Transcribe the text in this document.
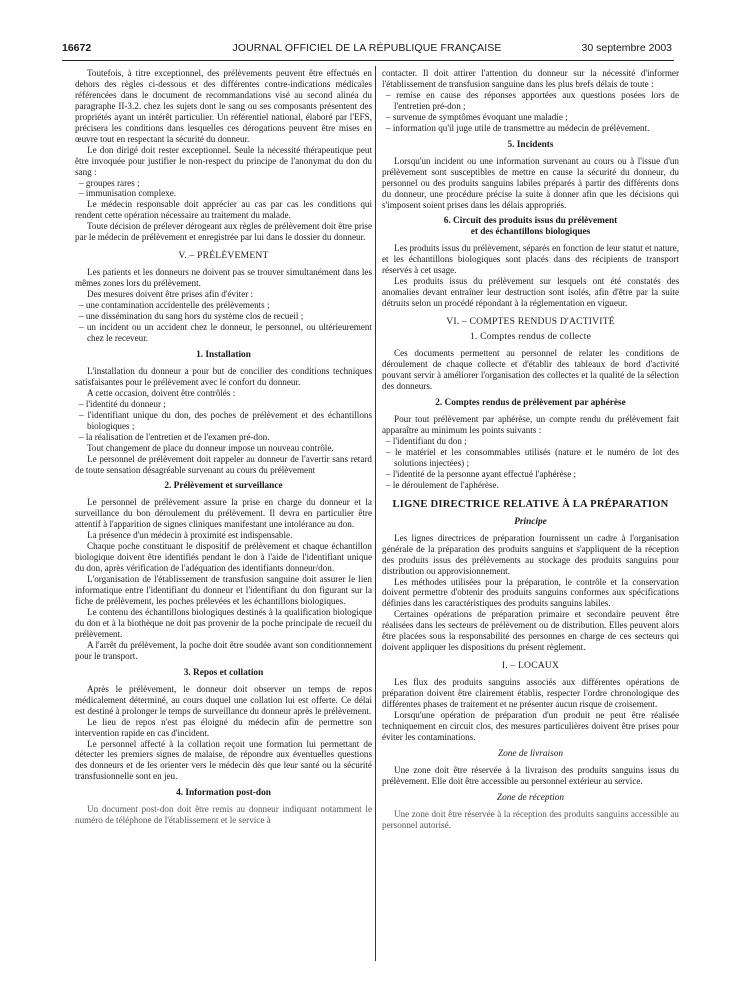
16672	JOURNAL OFFICIEL DE LA RÉPUBLIQUE FRANÇAISE	30 septembre 2003

Toutefois, à titre exceptionnel, des prélèvements peuvent être effectués en dehors des règles ci-dessous et des différentes contre-indications médicales référencées dans le document de recommandations visé au second alinéa du paragraphe II-3.2. chez les sujets dont le sang ou ses composants présentent des propriétés ayant un intérêt particulier. Un référentiel national, élaboré par l'EFS, précisera les conditions dans lesquelles ces dérogations peuvent être mises en œuvre tout en respectant la sécurité du donneur.

Le don dirigé doit rester exceptionnel. Seule la nécessité thérapeutique peut être invoquée pour justifier le non-respect du principe de l'anonymat du don du sang :

– groupes rares ;

– immunisation complexe.

Le médecin responsable doit apprécier au cas par cas les conditions qui rendent cette opération nécessaire au traitement du malade.

Toute décision de prélever dérogeant aux règles de prélèvement doit être prise par le médecin de prélèvement et enregistrée par lui dans le dossier du donneur.

V. – PRÉLÈVEMENT

Les patients et les donneurs ne doivent pas se trouver simultanément dans les mêmes zones lors du prélèvement.

Des mesures doivent être prises afin d'éviter :

– une contamination accidentelle des prélèvements ;

– une dissémination du sang hors du système clos de recueil ;

– un incident ou un accident chez le donneur, le personnel, ou ultérieurement chez le receveur.

1. Installation

L'installation du donneur a pour but de concilier des conditions techniques satisfaisantes pour le prélèvement avec le confort du donneur.

A cette occasion, doivent être contrôlés :

– l'identité du donneur ;

– l'identifiant unique du don, des poches de prélèvement et des échantillons biologiques ;

– la réalisation de l'entretien et de l'examen pré-don.

Tout changement de place du donneur impose un nouveau contrôle.

Le personnel de prélèvement doit rappeler au donneur de l'avertir sans retard de toute sensation désagréable survenant au cours du prélèvement

2. Prélèvement et surveillance

Le personnel de prélèvement assure la prise en charge du donneur et la surveillance du bon déroulement du prélèvement. Il devra en particulier être attentif à l'apparition de signes cliniques manifestant une intolérance au don.

La présence d'un médecin à proximité est indispensable.

Chaque poche constituant le dispositif de prélèvement et chaque échantillon biologique doivent être identifiés pendant le don à l'aide de l'identifiant unique du don, après vérification de l'adéquation des identifiants donneur/don.

L'organisation de l'établissement de transfusion sanguine doit assurer le lien informatique entre l'identifiant du donneur et l'identifiant du don figurant sur la fiche de prélèvement, les poches prélevées et les échantillons biologiques.

Le contenu des échantillons biologiques destinés à la qualification biologique du don et à la biothèque ne doit pas provenir de la poche principale de recueil du prélèvement.

A l'arrêt du prélèvement, la poche doit être soudée avant son conditionnement pour le transport.

3. Repos et collation

Après le prélèvement, le donneur doit observer un temps de repos médicalement déterminé, au cours duquel une collation lui est offerte. Ce délai est destiné à prolonger le temps de surveillance du donneur après le prélèvement.

Le lieu de repos n'est pas éloigné du médecin afin de permettre son intervention rapide en cas d'incident.

Le personnel affecté à la collation reçoit une formation lui permettant de détecter les premiers signes de malaise, de répondre aux éventuelles questions des donneurs et de les orienter vers le médecin dès que leur santé ou la sécurité transfusionnelle sont en jeu.

4. Information post-don

Un document post-don doit être remis au donneur indiquant notamment le numéro de téléphone de l'établissement et le service à

contacter. Il doit attirer l'attention du donneur sur la nécessité d'informer l'établissement de transfusion sanguine dans les plus brefs délais de toute :

– remise en cause des réponses apportées aux questions posées lors de l'entretien pré-don ;

– survenue de symptômes évoquant une maladie ;

– information qu'il juge utile de transmettre au médecin de prélèvement.

5. Incidents

Lorsqu'un incident ou une information survenant au cours ou à l'issue d'un prélèvement sont susceptibles de mettre en cause la sécurité du donneur, du personnel ou des produits sanguins labiles préparés à partir des différents dons du donneur, une procédure précise la suite à donner afin que les décisions qui s'imposent soient prises dans les délais appropriés.

6. Circuit des produits issus du prélèvement
et des échantillons biologiques

Les produits issus du prélèvement, séparés en fonction de leur statut et nature, et les échantillons biologiques sont placés dans des récipients de transport réservés à cet usage.

Les produits issus du prélèvement sur lesquels ont été constatés des anomalies devant entraîner leur destruction sont isolés, afin d'être par la suite détruits selon un procédé répondant à la réglementation en vigueur.

VI. – COMPTES RENDUS D'ACTIVITÉ
1. Comptes rendus de collecte

Ces documents permettent au personnel de relater les conditions de déroulement de chaque collecte et d'établir des tableaux de bord d'activité pouvant servir à améliorer l'organisation des collectes et la qualité de la sélection des donneurs.

2. Comptes rendus de prélèvement par aphérèse

Pour tout prélèvement par aphérèse, un compte rendu du prélèvement fait apparaître au minimum les points suivants :

– l'identifiant du don ;

– le matériel et les consommables utilisés (nature et le numéro de lot des solutions injectées) ;

– l'identité de la personne ayant effectué l'aphérèse ;

– le déroulement de l'aphérèse.

LIGNE DIRECTRICE RELATIVE À LA PRÉPARATION
Principe

Les lignes directrices de préparation fournissent un cadre à l'organisation générale de la préparation des produits sanguins et s'appliquent de la réception des produits issus des prélèvements au stockage des produits sanguins pour distribution ou approvisionnement.

Les méthodes utilisées pour la préparation, le contrôle et la conservation doivent permettre d'obtenir des produits sanguins conformes aux spécifications définies dans les caractéristiques des produits sanguins labiles.

Certaines opérations de préparation primaire et secondaire peuvent être réalisées dans les secteurs de prélèvement ou de distribution. Elles peuvent alors être placées sous la responsabilité des personnes en charge de ces secteurs qui doivent appliquer les dispositions du présent règlement.

I. – LOCAUX

Les flux des produits sanguins associés aux différentes opérations de préparation doivent être clairement établis, respecter l'ordre chronologique des différentes phases de traitement et ne présenter aucun risque de croisement.

Lorsqu'une opération de préparation d'un produit ne peut être réalisée techniquement en circuit clos, des mesures particulières doivent être prises pour éviter les contaminations.

Zone de livraison

Une zone doit être réservée à la livraison des produits sanguins issus du prélèvement. Elle doit être accessible au personnel extérieur au service.

Zone de réception

Une zone doit être réservée à la réception des produits sanguins accessible au personnel autorisé.
